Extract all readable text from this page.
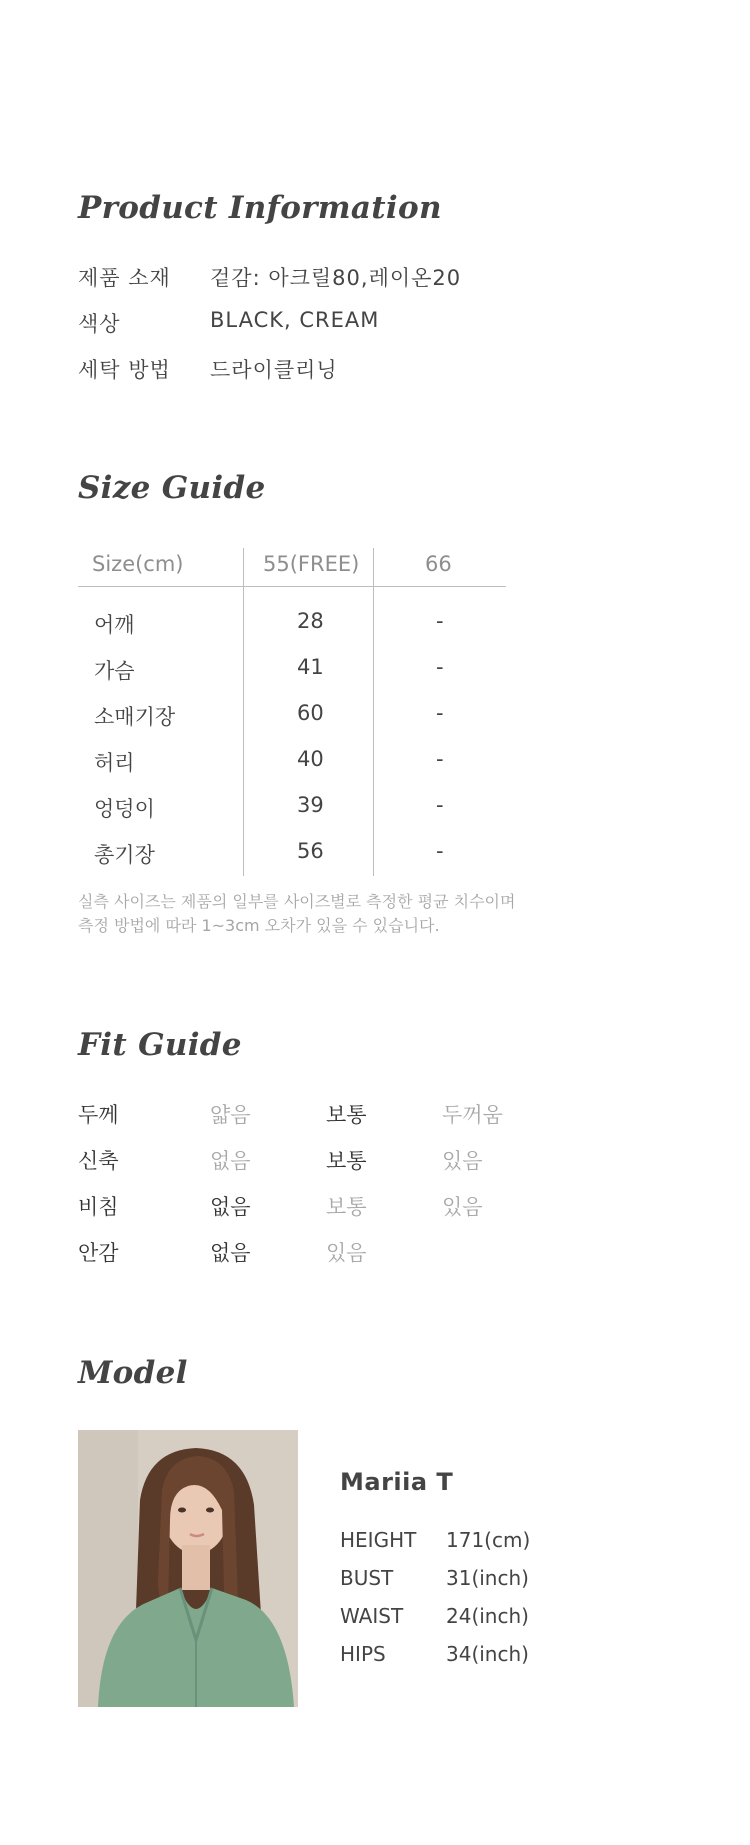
Product Information
제품 소재 겉감: 아크릴80,레이온20
색상	BLACK, CREAM
세탁 방법 드라이클리닝
Size Guide
Size(cm)	55(FREE)	66
어깨	28	-
가슴	41	-
소매기장	60	-
허리	40	-
엉덩이	39	-
총기장	56	-
실측 사이즈는 제품의 일부를 사이즈별로 측정한 평균 치수이며
측정 방법에 따라 1~3cm 오차가 있을 수 있습니다.
Fit Guide
두께	얇음	보통	두꺼움
신축	없음	보통	있음
비침	없음	보통	있음
안감	없음	있음
Model
Mariia T
HEIGHT 171(cm)
BUST	31(inch)
WAIST 24(inch)
HIPS	34(inch)
